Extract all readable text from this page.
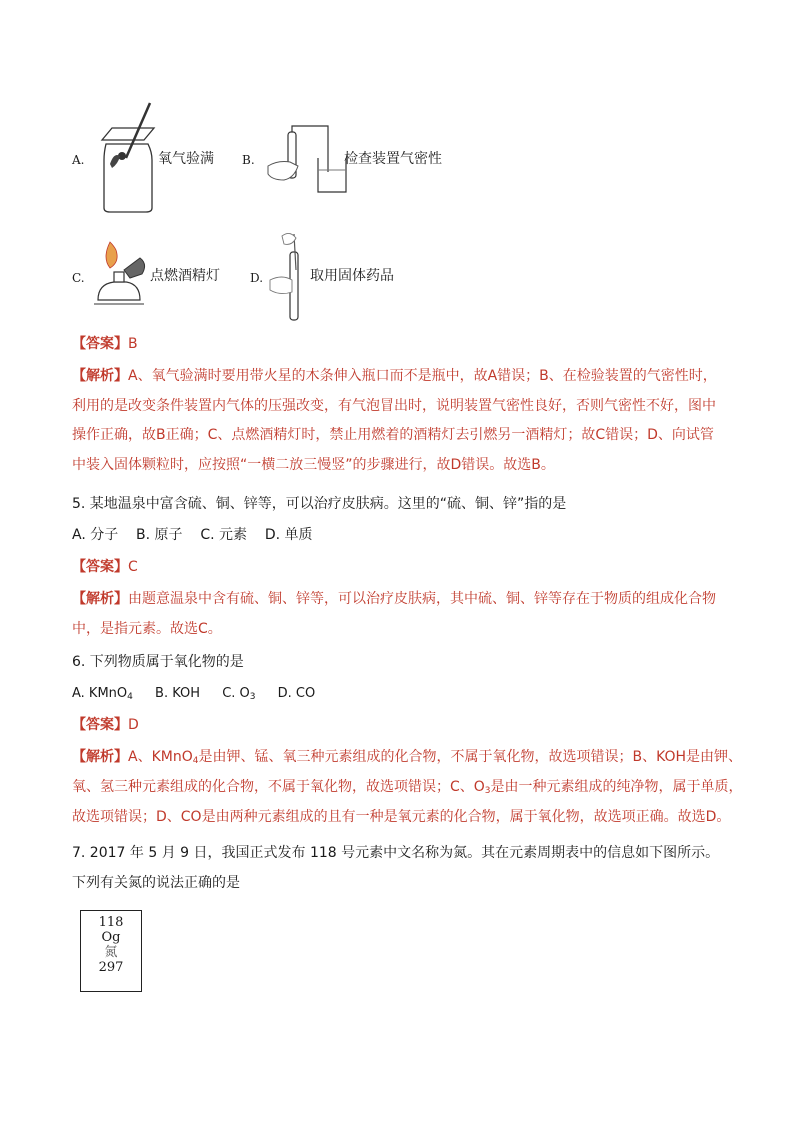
A.	氧气验满 B.	检查装置气密性
C.	点燃酒精灯	D.	取用固体药品
【答案】B
【解析】A、氧气验满时要用带火星的木条伸入瓶口而不是瓶中，故A错误；B、在检验装置的气密性时，
利用的是改变条件装置内气体的压强改变，有气泡冒出时，说明装置气密性良好，否则气密性不好，图中
操作正确，故B正确；C、点燃酒精灯时，禁止用燃着的酒精灯去引燃另一酒精灯；故C错误；D、向试管
中装入固体颗粒时，应按照“一横二放三慢竖”的步骤进行，故D错误。故选B。
5. 某地温泉中富含硫、铜、锌等，可以治疗皮肤病。这里的“硫、铜、锌”指的是
A. 分子    B. 原子    C. 元素    D. 单质
【答案】C
【解析】由题意温泉中含有硫、铜、锌等，可以治疗皮肤病，其中硫、铜、锌等存在于物质的组成化合物
中，是指元素。故选C。
6. 下列物质属于氧化物的是
A. KMnO$_4$ B. KOH C. $O_3$ D. CO
【答案】D
【解析】A、KMnO$_4$是由钾、锰、氧三种元素组成的化合物，不属于氧化物，故选项错误；B、KOH是由钾、
氧、氢三种元素组成的化合物，不属于氧化物，故选项错误；C、$O_3$是由一种元素组成的纯净物，属于单质，
故选项错误；D、CO是由两种元素组成的且有一种是氧元素的化合物，属于氧化物，故选项正确。故选D。
7. 2017 年 5 月 9 日，我国正式发布 118 号元素中文名称为氮。其在元素周期表中的信息如下图所示。
下列有关氮的说法正确的是
118
Og
氮
297
